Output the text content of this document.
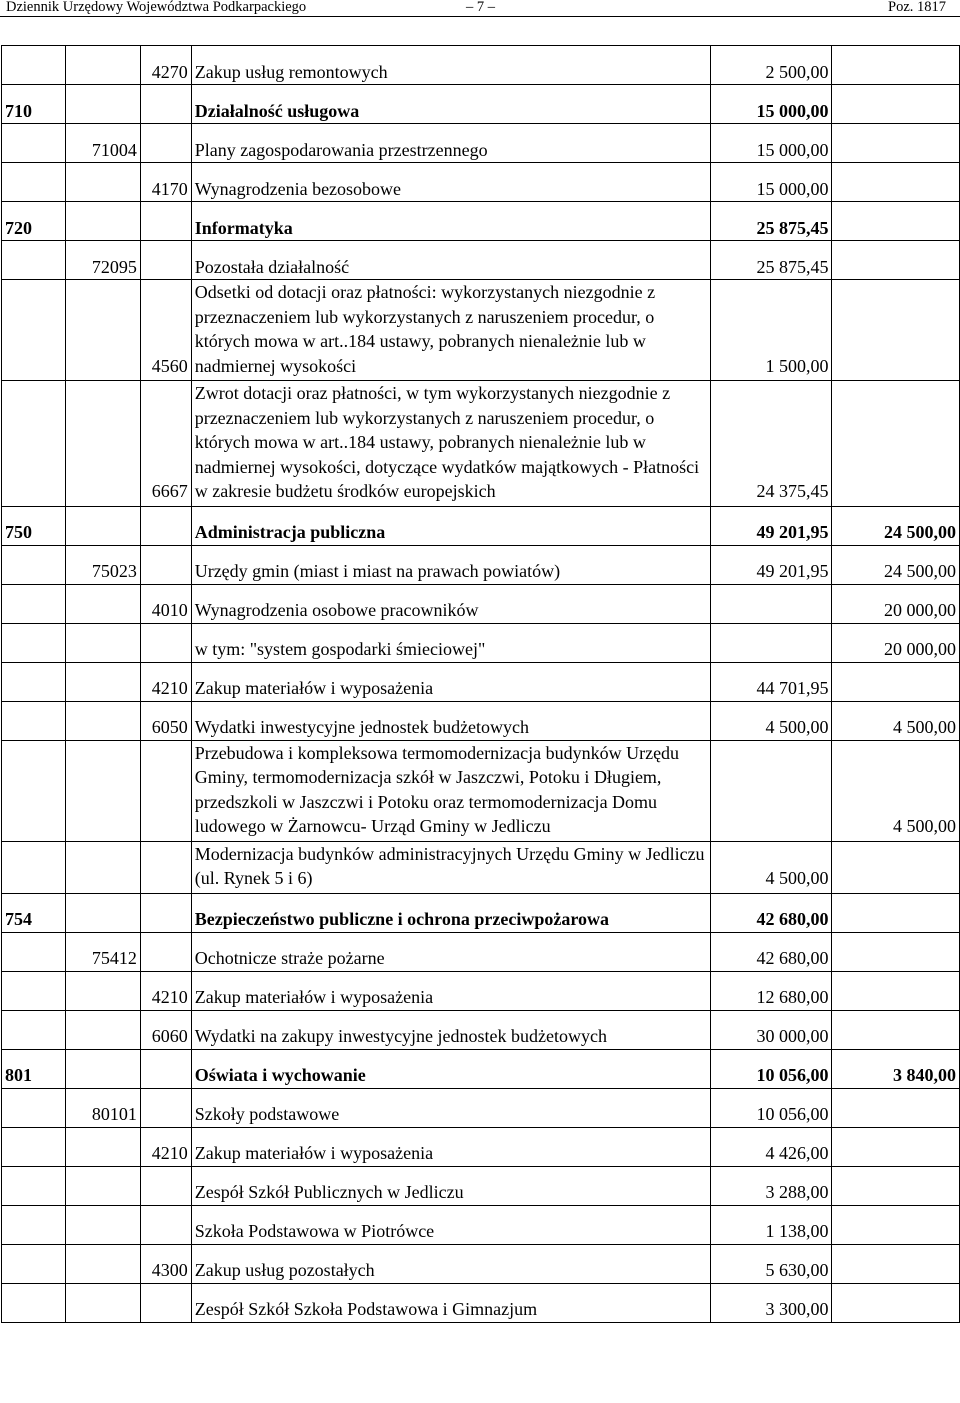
Dziennik Urzędowy Województwa Podkarpackiego	– 7 –	Poz. 1817
		4270	Zakup usług remontowych	2 500,00	
710			Działalność usługowa	15 000,00	
	71004		Plany zagospodarowania przestrzennego	15 000,00	
		4170	Wynagrodzenia bezosobowe	15 000,00	
720			Informatyka	25 875,45	
	72095		Pozostała działalność	25 875,45	
		4560	Odsetki od dotacji oraz płatności: wykorzystanych niezgodnie z przeznaczeniem lub wykorzystanych z naruszeniem procedur, o których mowa w art..184 ustawy, pobranych nienależnie lub w nadmiernej wysokości	1 500,00	
		6667	Zwrot dotacji oraz płatności, w tym wykorzystanych niezgodnie z przeznaczeniem lub wykorzystanych z naruszeniem procedur, o których mowa w art..184 ustawy, pobranych nienależnie lub w nadmiernej wysokości, dotyczące wydatków majątkowych - Płatności w zakresie budżetu środków europejskich	24 375,45	
750			Administracja publiczna	49 201,95	24 500,00
	75023		Urzędy gmin (miast i miast na prawach powiatów)	49 201,95	24 500,00
		4010	Wynagrodzenia osobowe pracowników		20 000,00
			w tym: "system gospodarki śmieciowej"		20 000,00
		4210	Zakup materiałów i wyposażenia	44 701,95	
		6050	Wydatki inwestycyjne jednostek budżetowych	4 500,00	4 500,00
			Przebudowa i kompleksowa termomodernizacja budynków Urzędu Gminy, termomodernizacja szkół w Jaszczwi, Potoku i Długiem, przedszkoli w Jaszczwi i Potoku oraz termomodernizacja Domu ludowego w Żarnowcu- Urząd Gminy w Jedliczu		4 500,00
			Modernizacja budynków administracyjnych Urzędu Gminy w Jedliczu (ul. Rynek 5 i 6)	4 500,00	
754			Bezpieczeństwo publiczne i ochrona przeciwpożarowa	42 680,00	
	75412		Ochotnicze straże pożarne	42 680,00	
		4210	Zakup materiałów i wyposażenia	12 680,00	
		6060	Wydatki na zakupy inwestycyjne jednostek budżetowych	30 000,00	
801			Oświata i wychowanie	10 056,00	3 840,00
	80101		Szkoły podstawowe	10 056,00	
		4210	Zakup materiałów i wyposażenia	4 426,00	
			Zespół Szkół Publicznych w Jedliczu	3 288,00	
			Szkoła Podstawowa w Piotrówce	1 138,00	
		4300	Zakup usług pozostałych	5 630,00	
			Zespół Szkół Szkoła Podstawowa i Gimnazjum	3 300,00	
